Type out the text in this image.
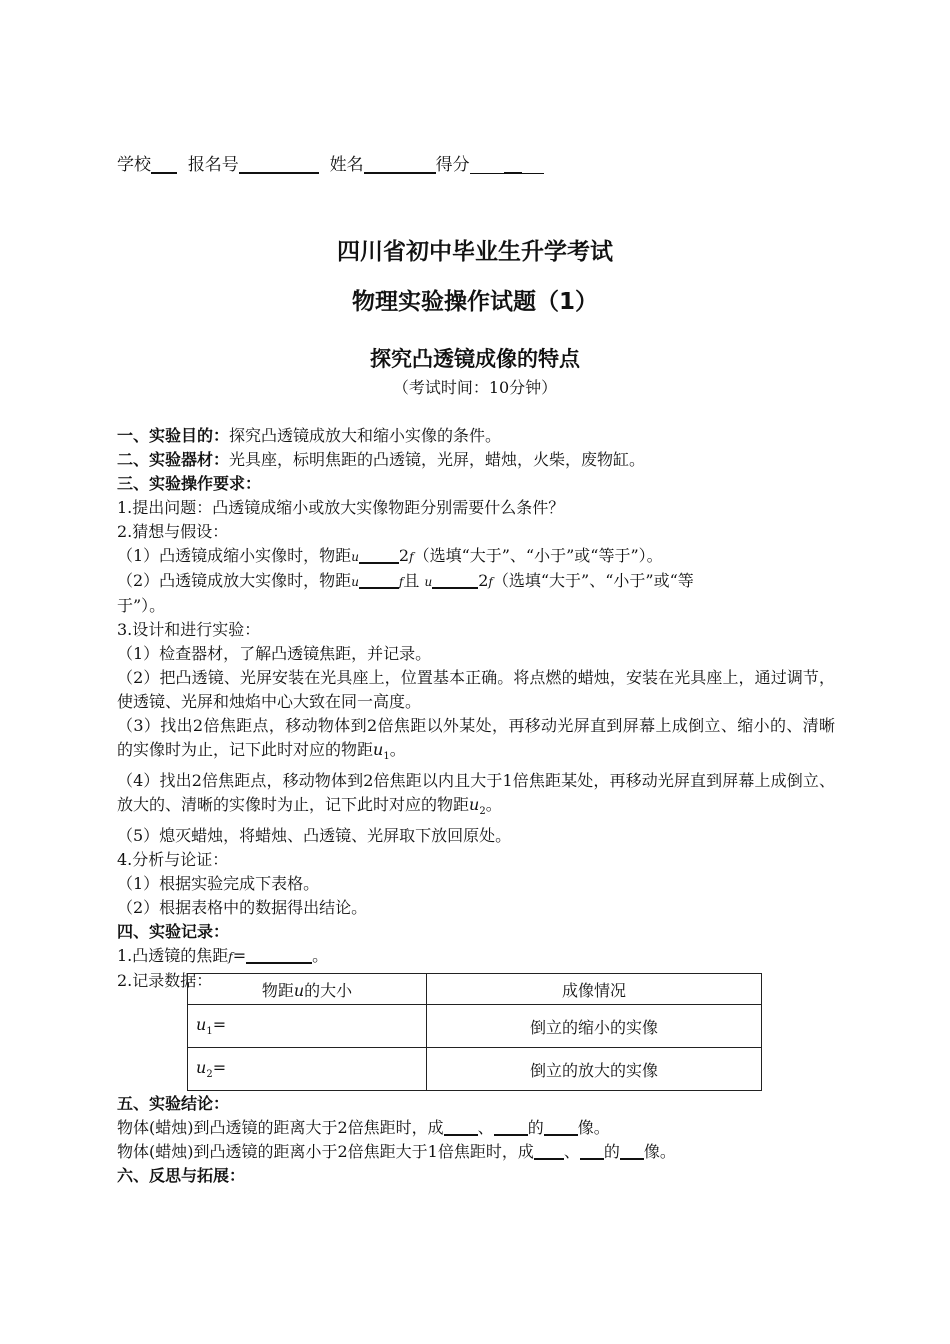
学校 报名号	姓名	得分
四川省初中毕业生升学考试
物理实验操作试题（1）
探究凸透镜成像的特点
（考试时间：10分钟）

一、实验目的：探究凸透镜成放大和缩小实像的条件。

二、实验器材：光具座，标明焦距的凸透镜，光屏，蜡烛，火柴，废物缸。

三、实验操作要求：

1.提出问题：凸透镜成缩小或放大实像物距分别需要什么条件？

2.猜想与假设：

（1）凸透镜成缩小实像时，物距u	2f（选填“大于”、“小于”或“等于”）。

（2）凸透镜成放大实像时，物距u	f且 u	2f（选填“大于”、“小于”或“等
于”）。

3.设计和进行实验：

（1）检查器材，了解凸透镜焦距，并记录。

（2）把凸透镜、光屏安装在光具座上，位置基本正确。将点燃的蜡烛，安装在光具座上，通过调节，使透镜、光屏和烛焰中心大致在同一高度。

（3）找出2倍焦距点，移动物体到2倍焦距以外某处，再移动光屏直到屏幕上成倒立、缩小的、清晰的实像时为止，记下此时对应的物距$u_1$。

（4）找出2倍焦距点，移动物体到2倍焦距以内且大于1倍焦距某处，再移动光屏直到屏幕上成倒立、放大的、清晰的实像时为止，记下此时对应的物距$u_2$。

（5）熄灭蜡烛，将蜡烛、凸透镜、光屏取下放回原处。

4.分析与论证：

（1）根据实验完成下表格。

（2）根据表格中的数据得出结论。

四、实验记录：

1.凸透镜的焦距f=	。

2.记录数据：	物距u的大小	成像情况
$u_1=$	倒立的缩小的实像
$u_2=$	倒立的放大的实像

五、实验结论：

物体(蜡烛)到凸透镜的距离大于2倍焦距时，成 、 的 像。

物体(蜡烛)到凸透镜的距离小于2倍焦距大于1倍焦距时，成 、 的 像。

六、反思与拓展：
